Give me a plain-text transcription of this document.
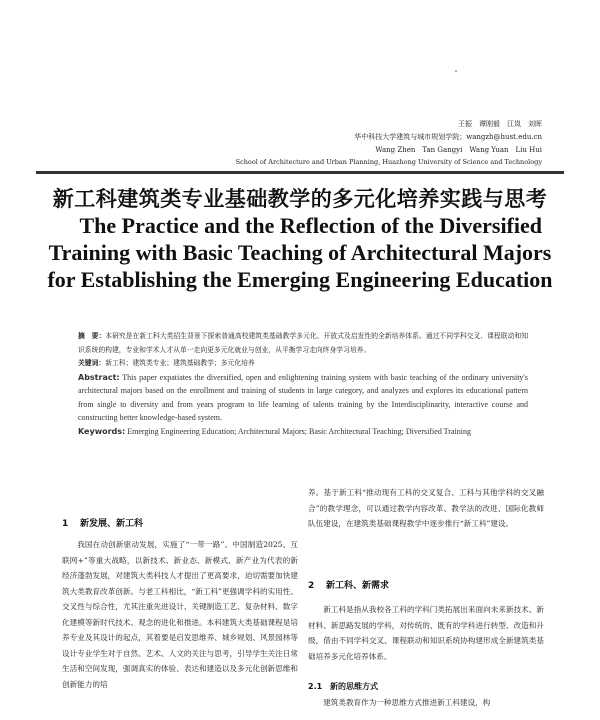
王振　谭刚毅　江岚　刘晖
华中科技大学建筑与城市规划学院；wangzh@hust.edu.cn
Wang Zhen　Tan Gangyi　Wang Yuan　Liu Hui
School of Architecture and Urban Planning, Huazhong University of Science and Technology
新工科建筑类专业基础教学的多元化培养实践与思考
The Practice and the Reflection of the Diversified
Training with Basic Teaching of Architectural Majors
for Establishing the Emerging Engineering Education

摘　要：本研究是在新工科大类招生背景下探索普通高校建筑类基础教学多元化、开放式及启发性的全新培养体系。通过不同学科交叉、课程联动和知识系统的构建，专业和学术人才从单一走向更多元化就业与创业，从平衡学习走向终身学习培养。

关键词：新工科；建筑类专业；建筑基础教学；多元化培养

Abstract: This paper expatiates the diversified, open and enlightening training system with basic teaching of the ordinary university's architectural majors based on the enrollment and training of students in large category, and analyzes and explores its educational pattern from single to diversity and from years program to life learning of talents training by the Interdisciplinarity, interactive course and constructing better knowledge-based system.

Keywords: Emerging Engineering Education; Architectural Majors; Basic Architectural Teaching; Diversified Training

1 新发展、新工科

我国在动创新驱动发展，实施了“一带一路”、中国制造2025、互联网+”等重大战略，以新技术、新业态、新模式、新产业为代表的新经济蓬勃发展，对建筑大类科技人才提出了更高要求，迫切需要加快建筑大类教育改革创新。与老工科相比，“新工科”更强调学科的实用性、交叉性与综合性，尤其注重先进设计、关键制造工艺、复杂材料、数字化建模等新时代技术、观念的进化和推进。本科建筑大类基础课程是培养专业及其设计的起点，其着要是启发思维养、城乡规划、风景园林等设计专业学生对于自然、艺术、人文的关注与思考，引导学生关注日常生活和空间发现，强调真实的体验、表达和建造以及多元化创新思维和创新能力的培

养。基于新工科“推动现有工科的交叉复合、工科与其他学科的交叉融合”的教学理念，可以通过教学内容改革、教学法的改进、国际化教师队伍建设，在建筑类基础课程教学中逐步推行“新工科”建设。

2 新工科、新需求

新工科是指从我校各工科的学科门类拓展出来面向未来新技术、新材料、新思路发展的学科，对传统的、既有的学科进行转型、改造和升级，借由不同学科交叉、课程联动和知识系统协构建形成全新建筑类基础培养多元化培养体系。

2.1 新的思维方式

建筑类教育作为一种思维方式推进新工科建设，构
